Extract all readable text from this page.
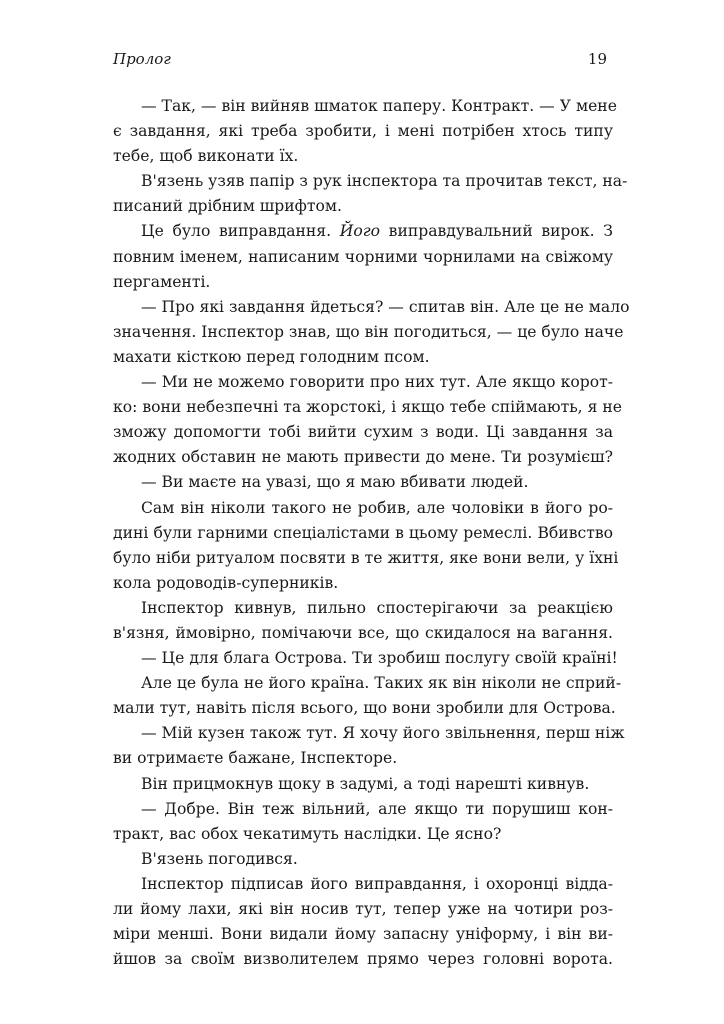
Пролог	19
— Так, — він вийняв шматок паперу. Контракт. — У мене
є завдання, які треба зробити, і мені потрібен хтось типу
тебе, щоб виконати їх.
В'язень узяв папір з рук інспектора та прочитав текст, на-
писаний дрібним шрифтом.
Це було виправдання. Його виправдувальний вирок. З
повним іменем, написаним чорними чорнилами на свіжому
пергаменті.
— Про які завдання йдеться? — спитав він. Але це не мало
значення. Інспектор знав, що він погодиться, — це було наче
махати кісткою перед голодним псом.
— Ми не можемо говорити про них тут. Але якщо корот-
ко: вони небезпечні та жорстокі, і якщо тебе спіймають, я не
зможу допомогти тобі вийти сухим з води. Ці завдання за
жодних обставин не мають привести до мене. Ти розумієш?
— Ви маєте на увазі, що я маю вбивати людей.
Сам він ніколи такого не робив, але чоловіки в його ро-
дині були гарними спеціалістами в цьому ремеслі. Вбивство
було ніби ритуалом посвяти в те життя, яке вони вели, у їхні
кола родоводів-суперників.
Інспектор кивнув, пильно спостерігаючи за реакцією
в'язня, ймовірно, помічаючи все, що скидалося на вагання.
— Це для блага Острова. Ти зробиш послугу своїй країні!
Але це була не його країна. Таких як він ніколи не сприй-
мали тут, навіть після всього, що вони зробили для Острова.
— Мій кузен також тут. Я хочу його звільнення, перш ніж
ви отримаєте бажане, Інспекторе.
Він прицмокнув щоку в задумі, а тоді нарешті кивнув.
— Добре. Він теж вільний, але якщо ти порушиш кон-
тракт, вас обох чекатимуть наслідки. Це ясно?
В'язень погодився.
Інспектор підписав його виправдання, і охоронці відда-
ли йому лахи, які він носив тут, тепер уже на чотири роз-
міри менші. Вони видали йому запасну уніформу, і він ви-
йшов за своїм визволителем прямо через головні ворота.
